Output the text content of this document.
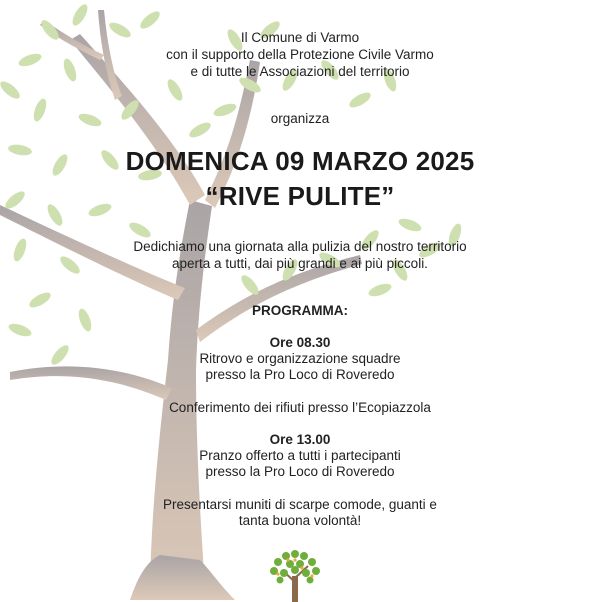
Il Comune di Varmo
con il supporto della Protezione Civile Varmo
e di tutte le Associazioni del territorio
organizza
DOMENICA 09 MARZO 2025
“RIVE PULITE”
Dedichiamo una giornata alla pulizia del nostro territorio
aperta a tutti, dai più grandi e ai più piccoli.
PROGRAMMA:
Ore 08.30
Ritrovo e organizzazione squadre
presso la Pro Loco di Roveredo
Conferimento dei rifiuti presso l’Ecopiazzola
Ore 13.00
Pranzo offerto a tutti i partecipanti
presso la Pro Loco di Roveredo
Presentarsi muniti di scarpe comode, guanti e
tanta buona volontà!
